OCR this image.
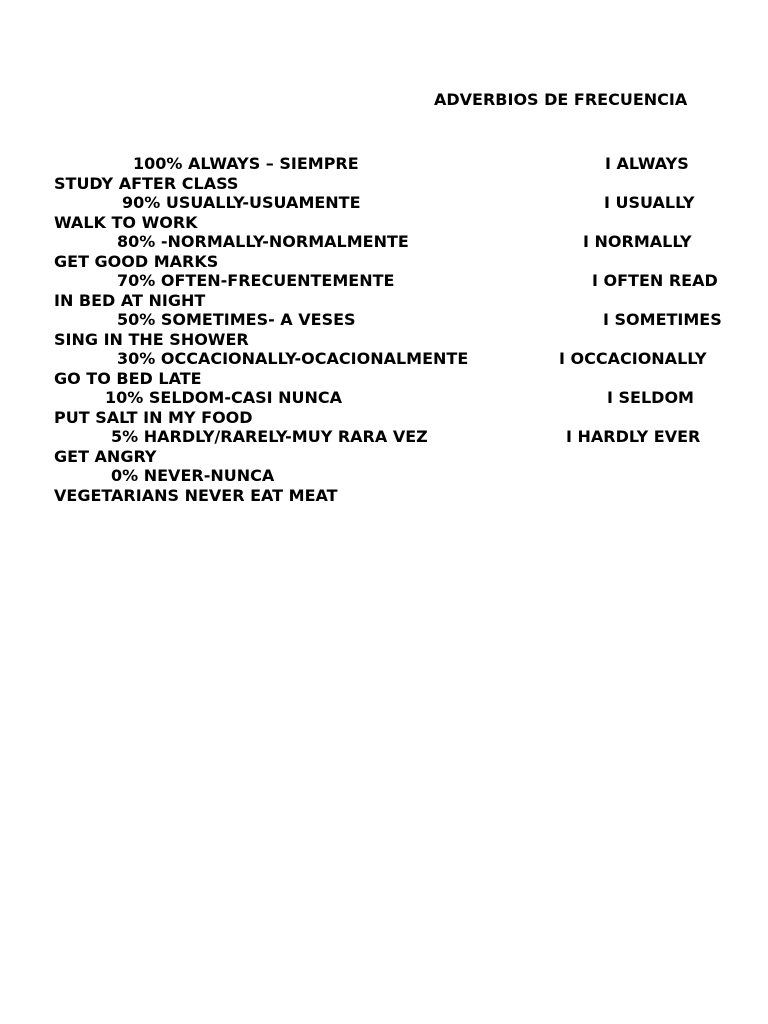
ADVERBIOS DE FRECUENCIA
100% ALWAYS – SIEMPRE	I ALWAYS
STUDY AFTER CLASS
90% USUALLY-USUAMENTE	I USUALLY
WALK TO WORK
80% -NORMALLY-NORMALMENTE	I NORMALLY
GET GOOD MARKS
70% OFTEN-FRECUENTEMENTE	I OFTEN READ
IN BED AT NIGHT
50% SOMETIMES- A VESES	I SOMETIMES
SING IN THE SHOWER
30% OCCACIONALLY-OCACIONALMENTE	I OCCACIONALLY
GO TO BED LATE
10% SELDOM-CASI NUNCA	I SELDOM
PUT SALT IN MY FOOD
5% HARDLY/RARELY-MUY RARA VEZ	I HARDLY EVER
GET ANGRY
0% NEVER-NUNCA
VEGETARIANS NEVER EAT MEAT
